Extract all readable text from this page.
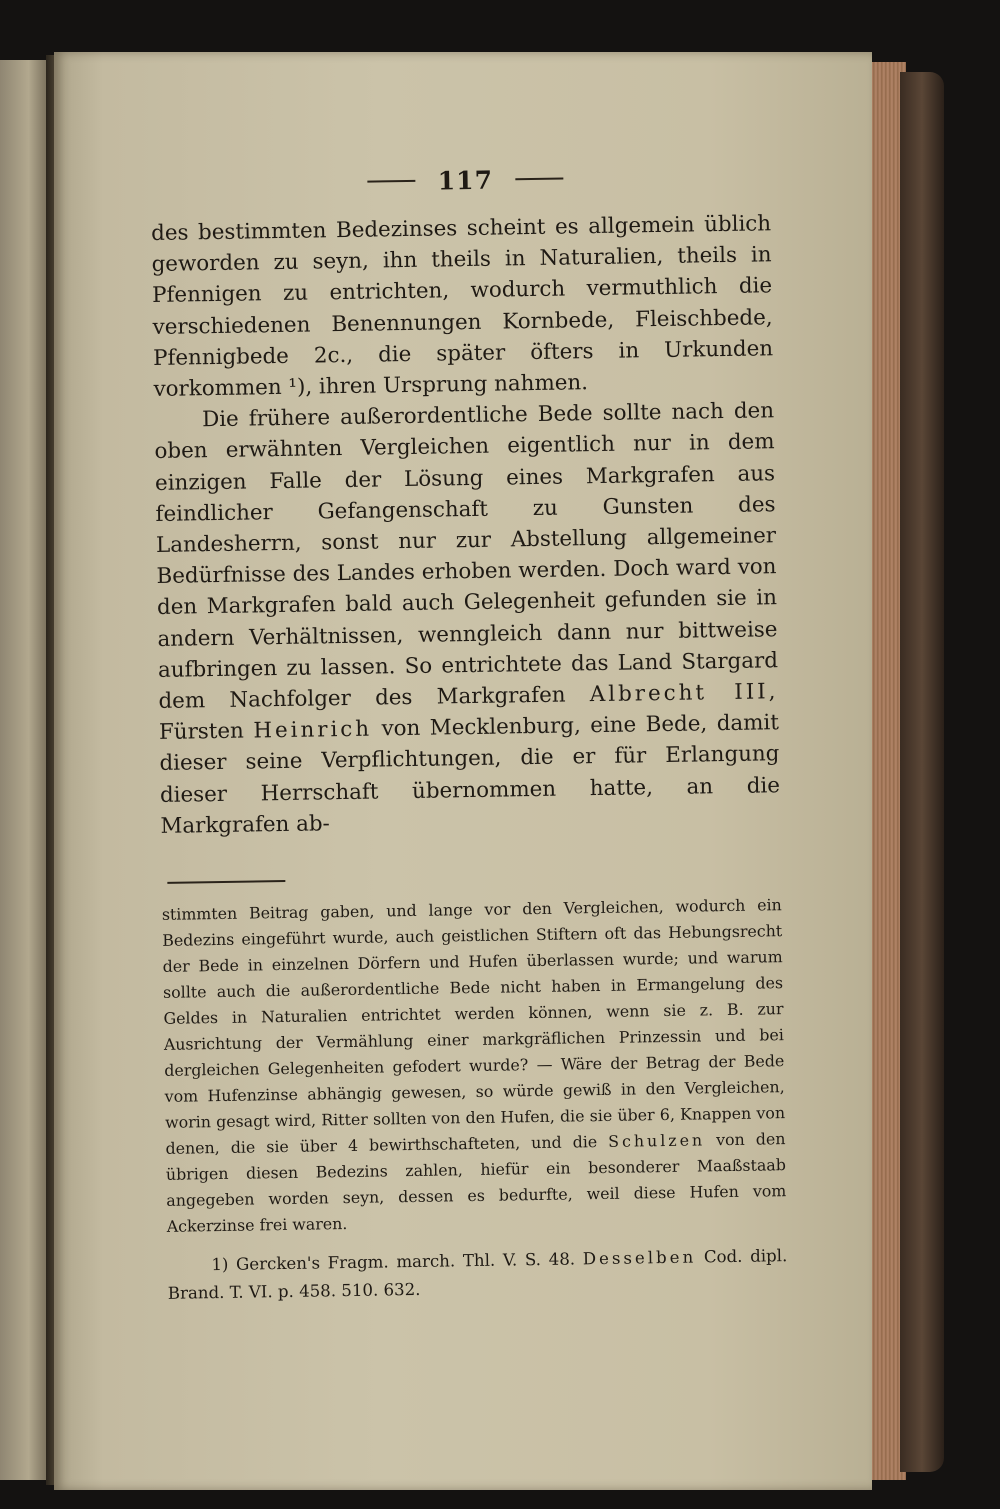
117

des bestimmten Bedezinses scheint es allgemein üblich geworden zu seyn, ihn theils in Naturalien, theils in Pfennigen zu entrichten, wodurch vermuthlich die verschiedenen Benennungen Kornbede, Fleischbede, Pfennigbede 2c., die später öfters in Urkunden vorkommen ¹), ihren Ursprung nahmen.

Die frühere außerordentliche Bede sollte nach den oben erwähnten Vergleichen eigentlich nur in dem einzigen Falle der Lösung eines Markgrafen aus feindlicher Gefangenschaft zu Gunsten des Landesherrn, sonst nur zur Abstellung allgemeiner Bedürfnisse des Landes erhoben werden. Doch ward von den Markgrafen bald auch Gelegenheit gefunden sie in andern Verhältnissen, wenngleich dann nur bittweise aufbringen zu lassen. So entrichtete das Land Stargard dem Nachfolger des Markgrafen Albrecht III, Fürsten Heinrich von Mecklenburg, eine Bede, damit dieser seine Verpflichtungen, die er für Erlangung dieser Herrschaft übernommen hatte, an die Markgrafen ab-

stimmten Beitrag gaben, und lange vor den Vergleichen, wodurch ein Bedezins eingeführt wurde, auch geistlichen Stiftern oft das Hebungsrecht der Bede in einzelnen Dörfern und Hufen überlassen wurde; und warum sollte auch die außerordentliche Bede nicht haben in Ermangelung des Geldes in Naturalien entrichtet werden können, wenn sie z. B. zur Ausrichtung der Vermählung einer markgräflichen Prinzessin und bei dergleichen Gelegenheiten gefodert wurde? — Wäre der Betrag der Bede vom Hufenzinse abhängig gewesen, so würde gewiß in den Vergleichen, worin gesagt wird, Ritter sollten von den Hufen, die sie über 6, Knappen von denen, die sie über 4 bewirthschafteten, und die Schulzen von den übrigen diesen Bedezins zahlen, hiefür ein besonderer Maaßstaab angegeben worden seyn, dessen es bedurfte, weil diese Hufen vom Ackerzinse frei waren.

1) Gercken's Fragm. march. Thl. V. S. 48. Desselben Cod. dipl. Brand. T. VI. p. 458. 510. 632.
